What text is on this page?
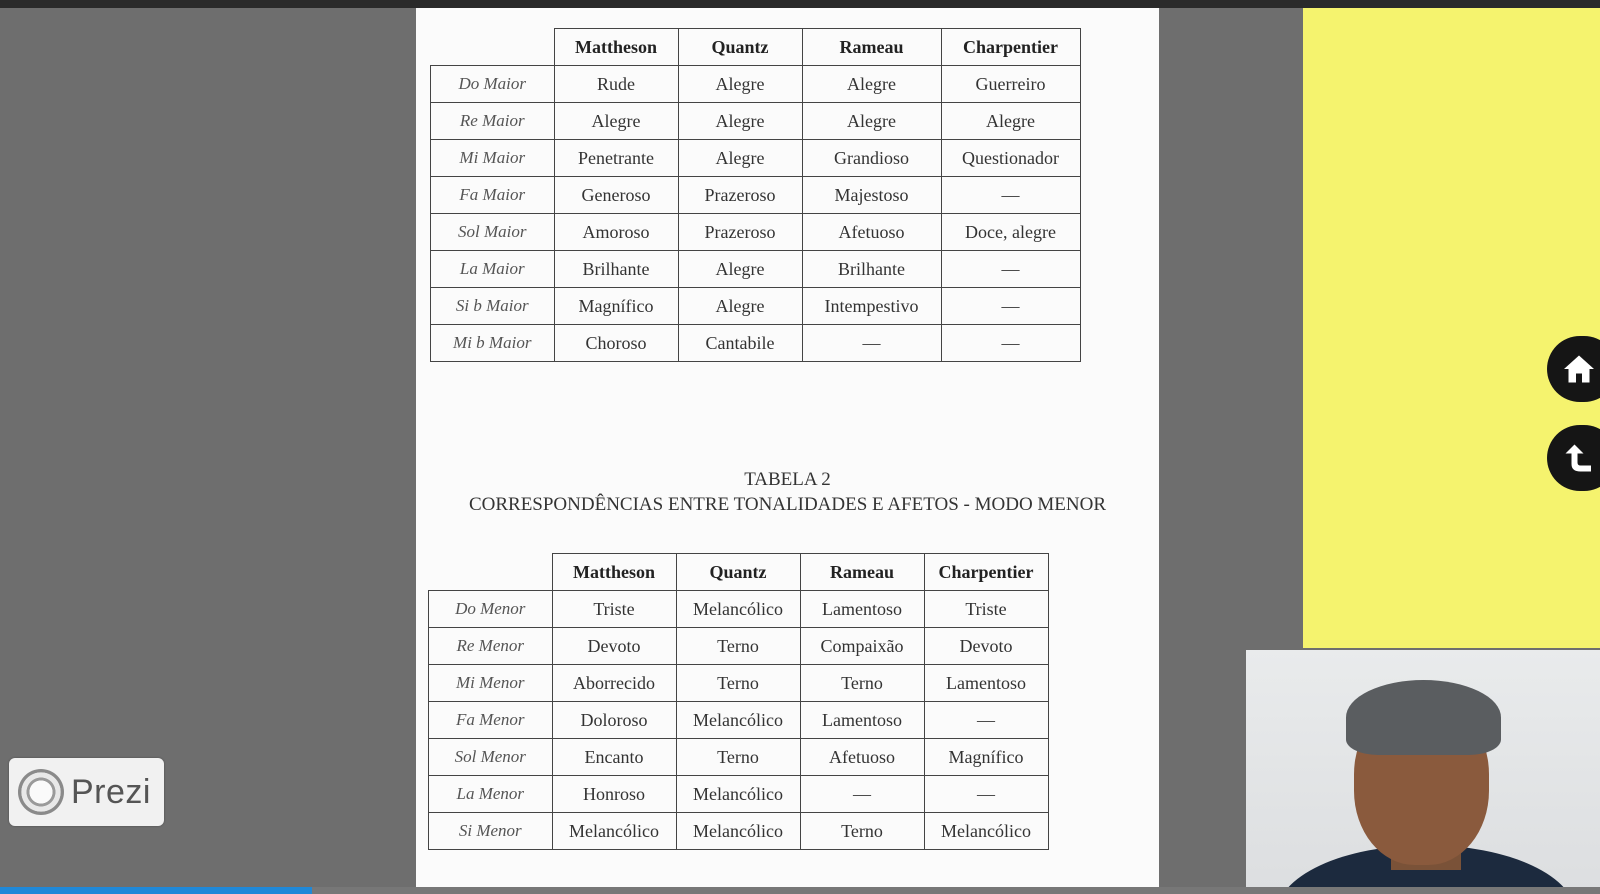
	Mattheson	Quantz	Rameau	Charpentier
Do Maior	Rude	Alegre	Alegre	Guerreiro
Re Maior	Alegre	Alegre	Alegre	Alegre
Mi Maior	Penetrante	Alegre	Grandioso	Questionador
Fa Maior	Generoso	Prazeroso	Majestoso	—
Sol Maior	Amoroso	Prazeroso	Afetuoso	Doce, alegre
La Maior	Brilhante	Alegre	Brilhante	—
Si b Maior	Magnífico	Alegre	Intempestivo	—
Mi b Maior	Choroso	Cantabile	—	—
TABELA 2
CORRESPONDÊNCIAS ENTRE TONALIDADES E AFETOS - MODO MENOR
	Mattheson	Quantz	Rameau	Charpentier
Do Menor	Triste	Melancólico	Lamentoso	Triste
Re Menor	Devoto	Terno	Compaixão	Devoto
Mi Menor	Aborrecido	Terno	Terno	Lamentoso
Fa Menor	Doloroso	Melancólico	Lamentoso	—
Sol Menor	Encanto	Terno	Afetuoso	Magnífico
La Menor	Honroso	Melancólico	—	—
Si Menor	Melancólico	Melancólico	Terno	Melancólico
Prezi
